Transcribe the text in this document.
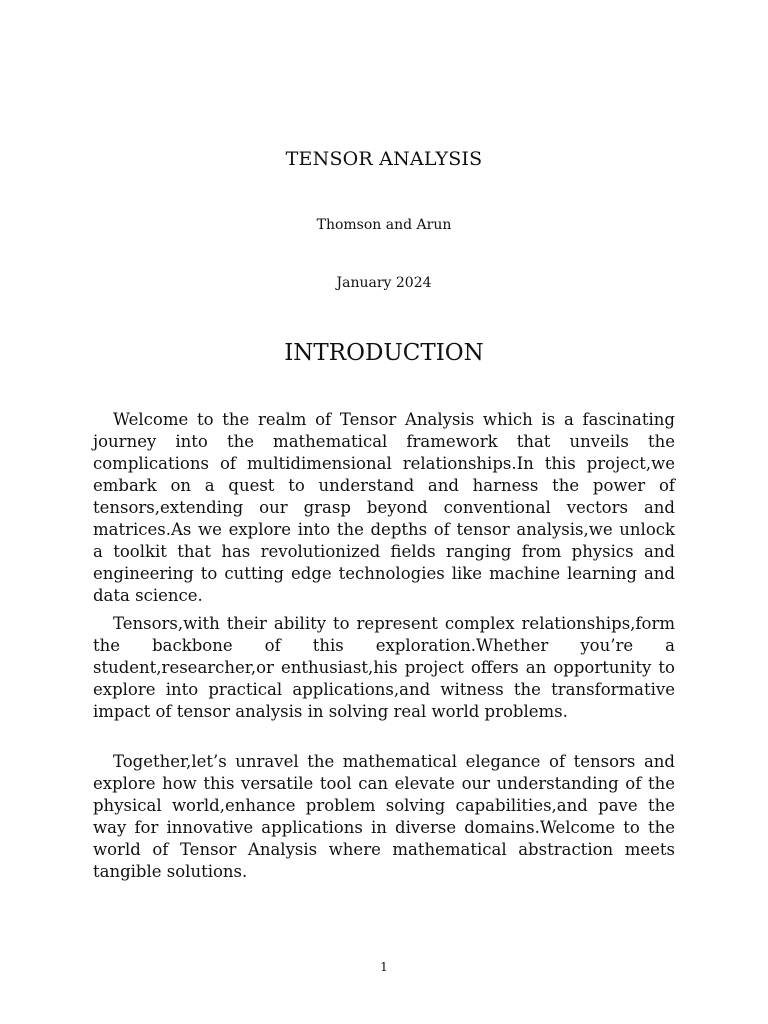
TENSOR ANALYSIS
Thomson and Arun
January 2024
INTRODUCTION

Welcome to the realm of Tensor Analysis which is a fascinating journey into the mathematical framework that unveils the complications of multidimensional relationships.In this project,we embark on a quest to understand and harness the power of tensors,extending our grasp beyond conventional vectors and matrices.As we explore into the depths of tensor analysis,we unlock a toolkit that has revolutionized fields ranging from physics and engineering to cutting edge technologies like machine learning and data science.

Tensors,with their ability to represent complex relationships,form the backbone of this exploration.Whether you’re a student,researcher,or enthusiast,his project offers an opportunity to explore into practical applications,and witness the transformative impact of tensor analysis in solving real world problems.

Together,let’s unravel the mathematical elegance of tensors and explore how this versatile tool can elevate our understanding of the physical world,enhance problem solving capabilities,and pave the way for innovative applications in diverse domains.Welcome to the world of Tensor Analysis where mathematical abstraction meets tangible solutions.

1
